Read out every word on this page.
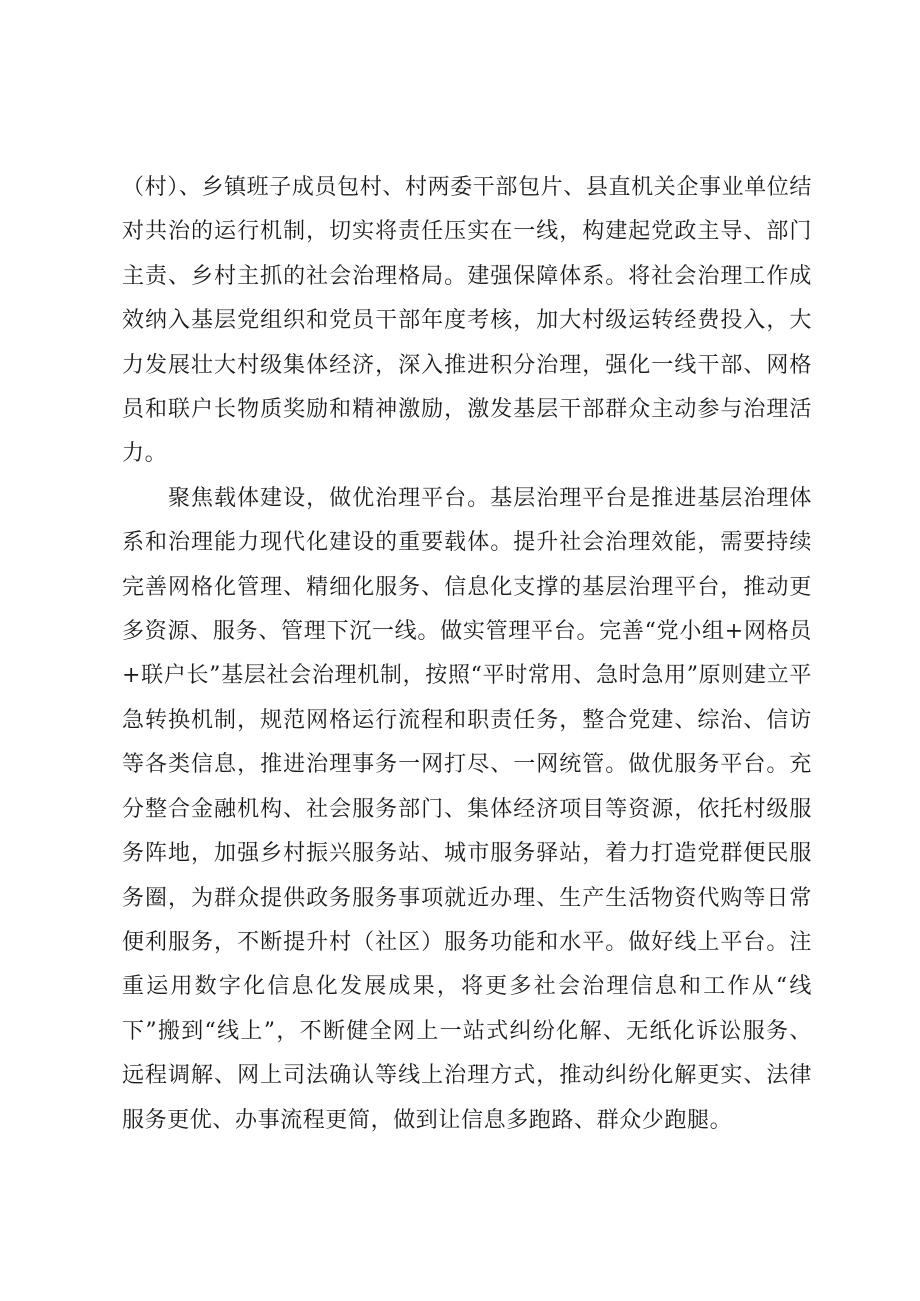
（村）、乡镇班子成员包村、村两委干部包片、县直机关企事业单位结对共治的运行机制，切实将责任压实在一线，构建起党政主导、部门主责、乡村主抓的社会治理格局。建强保障体系。将社会治理工作成效纳入基层党组织和党员干部年度考核，加大村级运转经费投入，大力发展壮大村级集体经济，深入推进积分治理，强化一线干部、网格员和联户长物质奖励和精神激励，激发基层干部群众主动参与治理活力。

聚焦载体建设，做优治理平台。基层治理平台是推进基层治理体系和治理能力现代化建设的重要载体。提升社会治理效能，需要持续完善网格化管理、精细化服务、信息化支撑的基层治理平台，推动更多资源、服务、管理下沉一线。做实管理平台。完善“党小组+网格员+联户长”基层社会治理机制，按照“平时常用、急时急用”原则建立平急转换机制，规范网格运行流程和职责任务，整合党建、综治、信访等各类信息，推进治理事务一网打尽、一网统管。做优服务平台。充分整合金融机构、社会服务部门、集体经济项目等资源，依托村级服务阵地，加强乡村振兴服务站、城市服务驿站，着力打造党群便民服务圈，为群众提供政务服务事项就近办理、生产生活物资代购等日常便利服务，不断提升村（社区）服务功能和水平。做好线上平台。注重运用数字化信息化发展成果，将更多社会治理信息和工作从“线下”搬到“线上”，不断健全网上一站式纠纷化解、无纸化诉讼服务、远程调解、网上司法确认等线上治理方式，推动纠纷化解更实、法律服务更优、办事流程更简，做到让信息多跑路、群众少跑腿。
